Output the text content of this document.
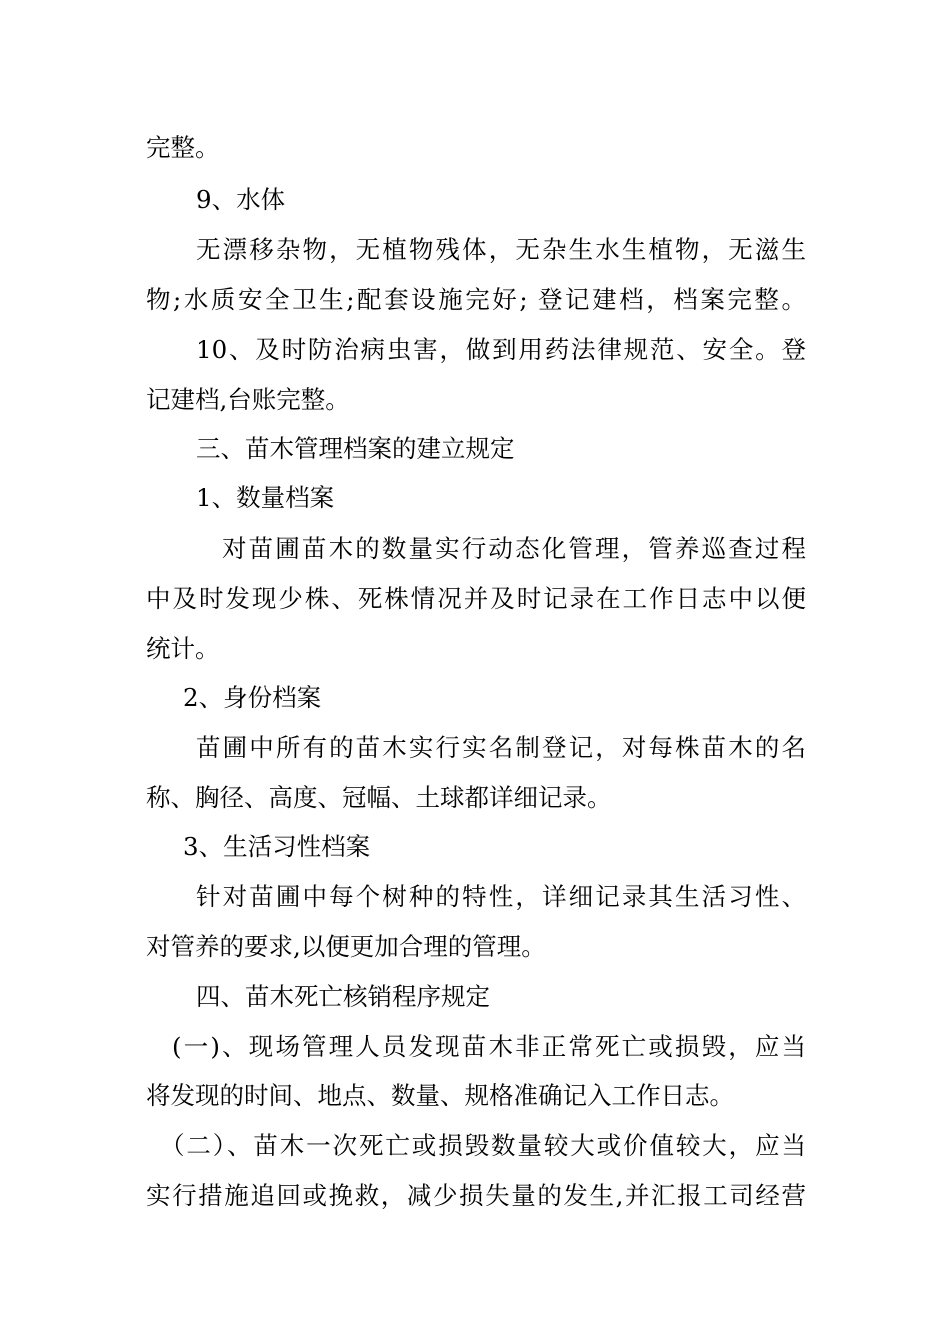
完整。
9、水体
无漂移杂物，无植物残体，无杂生水生植物，无滋生
物;水质安全卫生;配套设施完好; 登记建档，档案完整。
10、及时防治病虫害，做到用药法律规范、安全。登
记建档,台账完整。
三、苗木管理档案的建立规定
1、数量档案
对苗圃苗木的数量实行动态化管理，管养巡查过程
中及时发现少株、死株情况并及时记录在工作日志中以便
统计。
2、身份档案
苗圃中所有的苗木实行实名制登记，对每株苗木的名
称、胸径、高度、冠幅、土球都详细记录。
3、生活习性档案
针对苗圃中每个树种的特性，详细记录其生活习性、
对管养的要求,以便更加合理的管理。
四、苗木死亡核销程序规定
(一)、现场管理人员发现苗木非正常死亡或损毁，应当
将发现的时间、地点、数量、规格准确记入工作日志。
（二）、苗木一次死亡或损毁数量较大或价值较大，应当
实行措施追回或挽救，减少损失量的发生,并汇报工司经营
